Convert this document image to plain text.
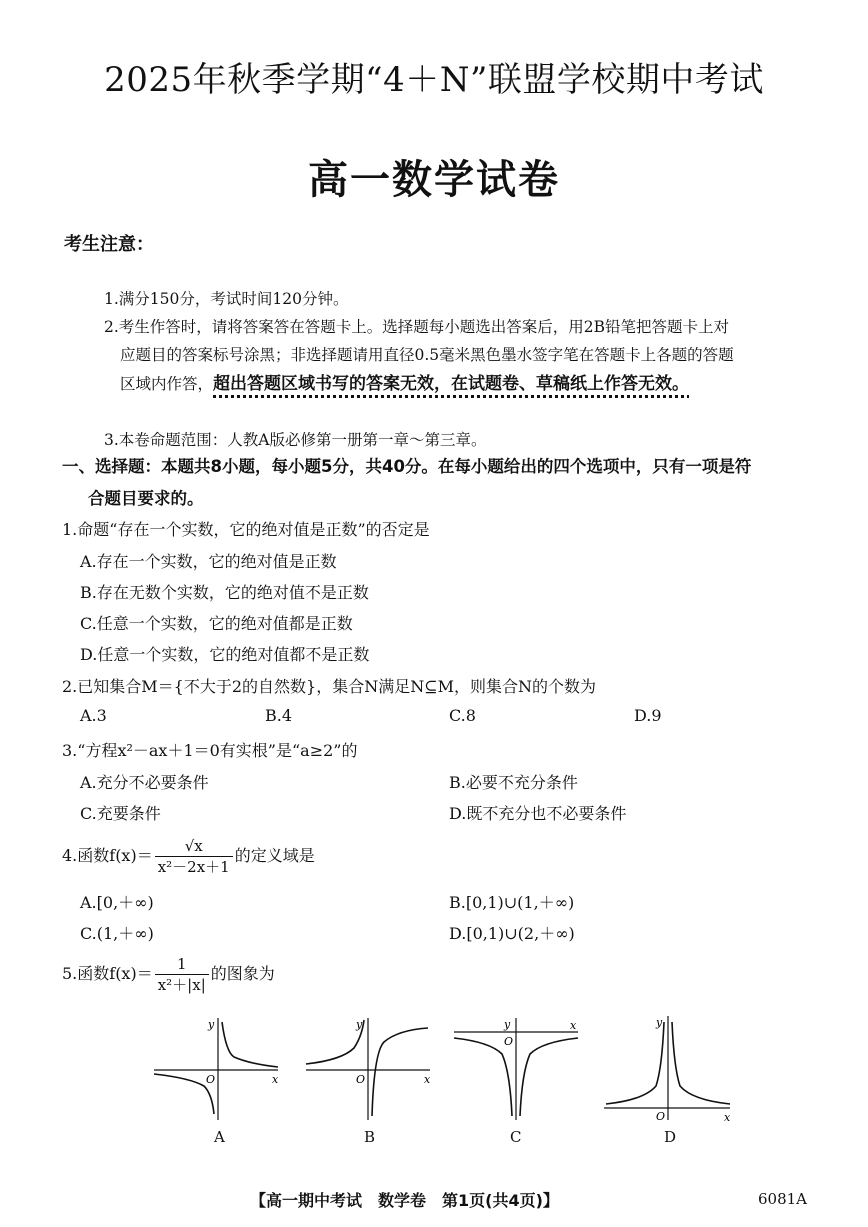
2025年秋季学期“4＋N”联盟学校期中考试
高一数学试卷
考生注意：
1.满分150分，考试时间120分钟。
2.考生作答时，请将答案答在答题卡上。选择题每小题选出答案后，用2B铅笔把答题卡上对
应题目的答案标号涂黑；非选择题请用直径0.5毫米黑色墨水签字笔在答题卡上各题的答题
区域内作答，超出答题区域书写的答案无效，在试题卷、草稿纸上作答无效。
3.本卷命题范围：人教A版必修第一册第一章～第三章。
一、选择题：本题共8小题，每小题5分，共40分。在每小题给出的四个选项中，只有一项是符
合题目要求的。
1.命题“存在一个实数，它的绝对值是正数”的否定是
A.存在一个实数，它的绝对值是正数
B.存在无数个实数，它的绝对值不是正数
C.任意一个实数，它的绝对值都是正数
D.任意一个实数，它的绝对值都不是正数
2.已知集合M＝{不大于2的自然数}，集合N满足N⊆M，则集合N的个数为
A.3	B.4	C.8	D.9
3.“方程x²－ax＋1＝0有实根”是“a≥2”的
A.充分不必要条件	B.必要不充分条件
C.充要条件	D.既不充分也不必要条件
4.函数$f(x)= \frac{√x}{\text{x²－2x＋1}}$ 的定义域是
A.[0,＋∞)	B.[0,1)∪(1,＋∞)
C.(1,＋∞)	D.[0,1)∪(2,＋∞)
5.函数$f(x)= \frac{1}{\text{x²＋|x|}}$ 的图象为
y
x
O
y
x
O
y	x
O
y
x
O
A	B	C	D
【高一期中考试　数学卷　第1页(共4页)】	6081A
